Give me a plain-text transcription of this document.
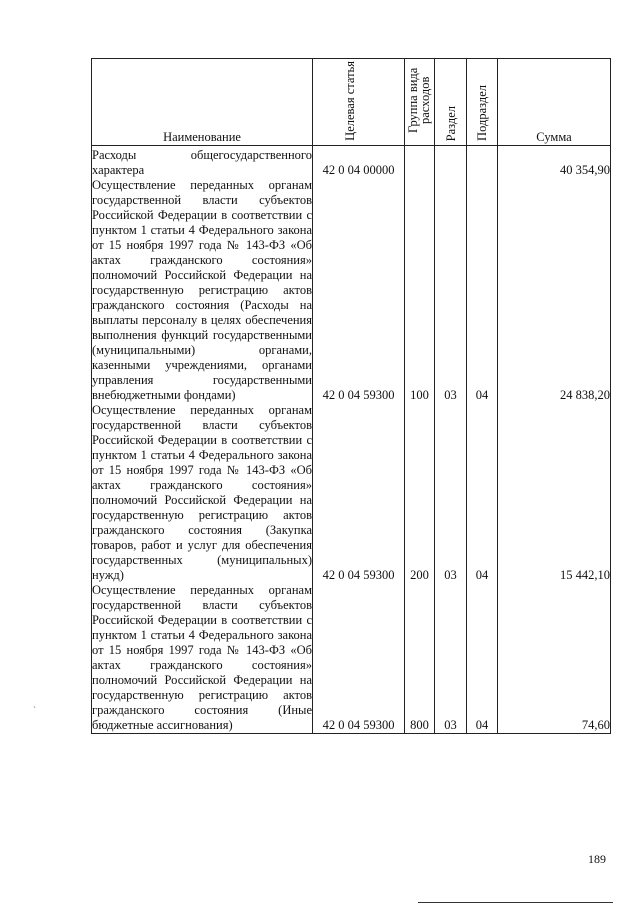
Наименование	Целевая статья	Группа вида расходов	Раздел	Подраздел	Сумма
Расходы общегосударственного характера	42 0 04 00000				40 354,90
Осуществление переданных органам государственной власти субъектов Российской Федерации в соответствии с пунктом 1 статьи 4 Федерального закона от 15 ноября 1997 года № 143-ФЗ «Об актах гражданского состояния» полномочий Российской Федерации на государственную регистрацию актов гражданского состояния (Расходы на выплаты персоналу в целях обеспечения выполнения функций государственными (муниципальными) органами, казенными учреждениями, органами управления государственными внебюджетными фондами)	42 0 04 59300	100	03	04	24 838,20
Осуществление переданных органам государственной власти субъектов Российской Федерации в соответствии с пунктом 1 статьи 4 Федерального закона от 15 ноября 1997 года № 143-ФЗ «Об актах гражданского состояния» полномочий Российской Федерации на государственную регистрацию актов гражданского состояния (Закупка товаров, работ и услуг для обеспечения государственных (муниципальных) нужд)	42 0 04 59300	200	03	04	15 442,10
Осуществление переданных органам государственной власти субъектов Российской Федерации в соответствии с пунктом 1 статьи 4 Федерального закона от 15 ноября 1997 года № 143-ФЗ «Об актах гражданского состояния» полномочий Российской Федерации на государственную регистрацию актов гражданского состояния (Иные бюджетные ассигнования)	42 0 04 59300	800	03	04	74,60
`
189
